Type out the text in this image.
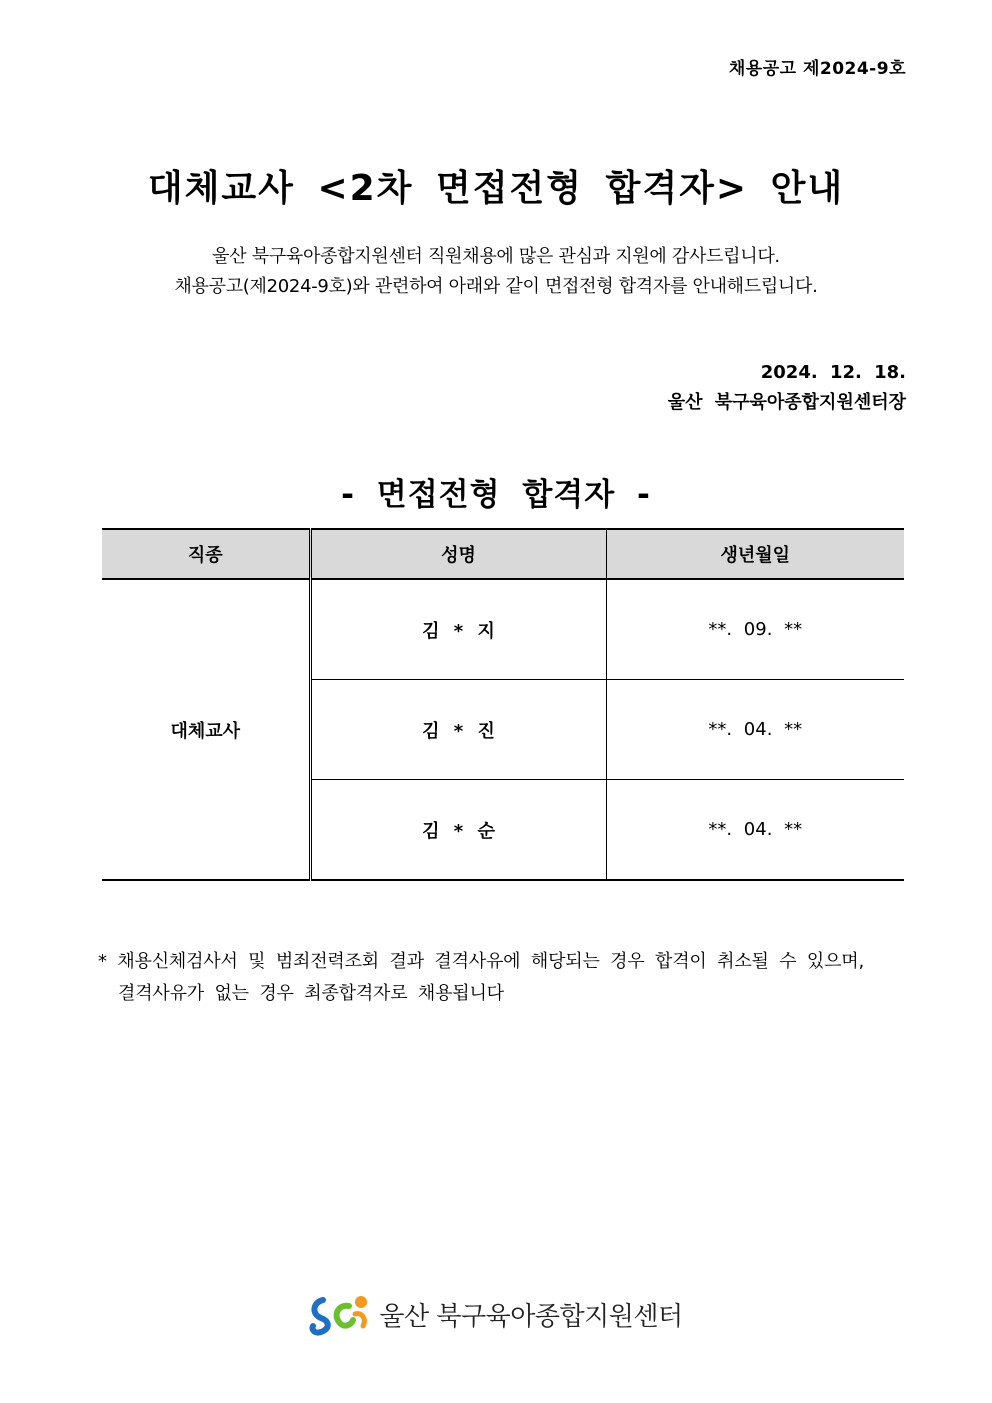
채용공고 제2024-9호
대체교사 <2차 면접전형 합격자> 안내
울산 북구육아종합지원센터 직원채용에 많은 관심과 지원에 감사드립니다.
채용공고(제2024-9호)와 관련하여 아래와 같이 면접전형 합격자를 안내해드립니다.
2024. 12. 18.
울산 북구육아종합지원센터장
- 면접전형 합격자 -
직종	성명	생년월일
대체교사	김 * 지	**. 09. **
	김 * 진	**. 04. **
	김 * 순	**. 04. **
* 채용신체검사서 및 범죄전력조회 결과 결격사유에 해당되는 경우 합격이 취소될 수 있으며,
결격사유가 없는 경우 최종합격자로 채용됩니다
울산 북구육아종합지원센터
